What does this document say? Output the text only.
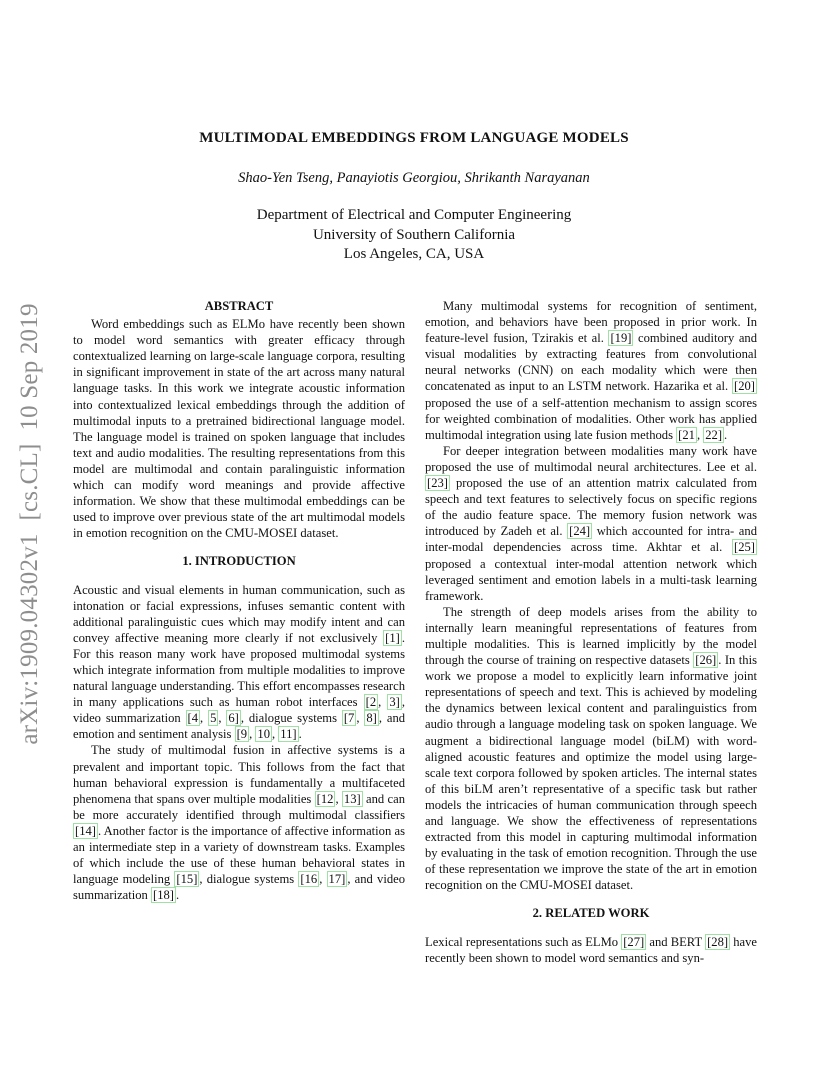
arXiv:1909.04302v1  [cs.CL]  10 Sep 2019
MULTIMODAL EMBEDDINGS FROM LANGUAGE MODELS
Shao-Yen Tseng, Panayiotis Georgiou, Shrikanth Narayanan
Department of Electrical and Computer Engineering
University of Southern California
Los Angeles, CA, USA
ABSTRACT

Word embeddings such as ELMo have recently been shown to model word semantics with greater efficacy through contextualized learning on large-scale language corpora, resulting in significant improvement in state of the art across many natural language tasks. In this work we integrate acoustic information into contextualized lexical embeddings through the addition of multimodal inputs to a pretrained bidirectional language model. The language model is trained on spoken language that includes text and audio modalities. The resulting representations from this model are multimodal and contain paralinguistic information which can modify word meanings and provide affective information. We show that these multimodal embeddings can be used to improve over previous state of the art multimodal models in emotion recognition on the CMU-MOSEI dataset.

1. INTRODUCTION

Acoustic and visual elements in human communication, such as intonation or facial expressions, infuses semantic content with additional paralinguistic cues which may modify intent and can convey affective meaning more clearly if not exclusively [1] . For this reason many work have proposed multimodal systems which integrate information from multiple modalities to improve natural language understanding. This effort encompasses research in many applications such as human robot interfaces [2 , 3] , video summarization [4 , 5 , 6] , dialogue systems [7 , 8] , and emotion and sentiment analysis [9 , 10 , 11] .

The study of multimodal fusion in affective systems is a prevalent and important topic. This follows from the fact that human behavioral expression is fundamentally a multifaceted phenomena that spans over multiple modalities [12 , 13] and can be more accurately identified through multimodal classifiers [14] . Another factor is the importance of affective information as an intermediate step in a variety of downstream tasks. Examples of which include the use of these human behavioral states in language modeling [15] , dialogue systems [16 , 17] , and video summarization [18] .

Many multimodal systems for recognition of sentiment, emotion, and behaviors have been proposed in prior work. In feature-level fusion, Tzirakis et al. [19] combined auditory and visual modalities by extracting features from convolutional neural networks (CNN) on each modality which were then concatenated as input to an LSTM network. Hazarika et al. [20] proposed the use of a self-attention mechanism to assign scores for weighted combination of modalities. Other work has applied multimodal integration using late fusion methods [21 , 22] .

For deeper integration between modalities many work have proposed the use of multimodal neural architectures. Lee et al. [23] proposed the use of an attention matrix calculated from speech and text features to selectively focus on specific regions of the audio feature space. The memory fusion network was introduced by Zadeh et al. [24] which accounted for intra- and inter-modal dependencies across time. Akhtar et al. [25] proposed a contextual inter-modal attention network which leveraged sentiment and emotion labels in a multi-task learning framework.

The strength of deep models arises from the ability to internally learn meaningful representations of features from multiple modalities. This is learned implicitly by the model through the course of training on respective datasets [26] . In this work we propose a model to explicitly learn informative joint representations of speech and text. This is achieved by modeling the dynamics between lexical content and paralinguistics from audio through a language modeling task on spoken language. We augment a bidirectional language model (biLM) with word-aligned acoustic features and optimize the model using large-scale text corpora followed by spoken articles. The internal states of this biLM aren’t representative of a specific task but rather models the intricacies of human communication through speech and language. We show the effectiveness of representations extracted from this model in capturing multimodal information by evaluating in the task of emotion recognition. Through the use of these representation we improve the state of the art in emotion recognition on the CMU-MOSEI dataset.

2. RELATED WORK

Lexical representations such as ELMo [27] and BERT [28] have recently been shown to model word semantics and syn-
